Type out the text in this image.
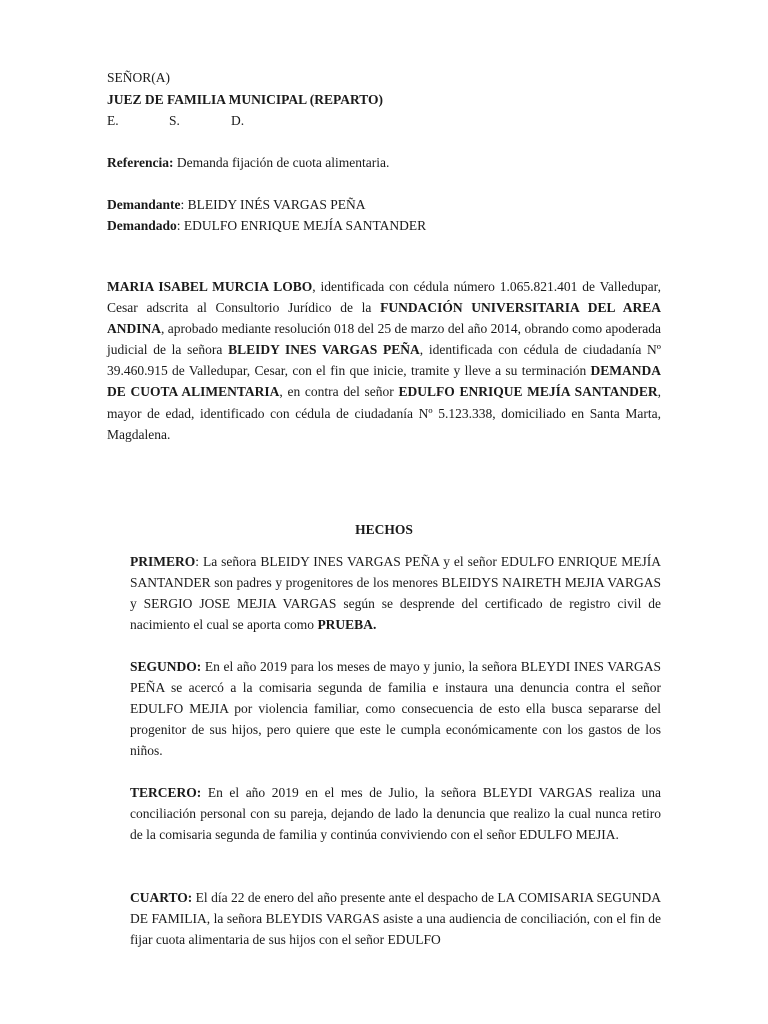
SEÑOR(A)
JUEZ DE FAMILIA MUNICIPAL (REPARTO)
E.	S.	D.
Referencia: Demanda fijación de cuota alimentaria.
Demandante: BLEIDY INÉS VARGAS PEÑA
Demandado: EDULFO ENRIQUE MEJÍA SANTANDER
MARIA ISABEL MURCIA LOBO, identificada con cédula número 1.065.821.401 de Valledupar, Cesar adscrita al Consultorio Jurídico de la FUNDACIÓN UNIVERSITARIA DEL AREA ANDINA, aprobado mediante resolución 018 del 25 de marzo del año 2014, obrando como apoderada judicial de la señora BLEIDY INES VARGAS PEÑA, identificada con cédula de ciudadanía Nº 39.460.915 de Valledupar, Cesar, con el fin que inicie, tramite y lleve a su terminación DEMANDA DE CUOTA ALIMENTARIA, en contra del señor EDULFO ENRIQUE MEJÍA SANTANDER, mayor de edad, identificado con cédula de ciudadanía Nº 5.123.338, domiciliado en Santa Marta, Magdalena.
HECHOS
PRIMERO: La señora BLEIDY INES VARGAS PEÑA y el señor EDULFO ENRIQUE MEJÍA SANTANDER son padres y progenitores de los menores BLEIDYS NAIRETH MEJIA VARGAS y SERGIO JOSE MEJIA VARGAS según se desprende del certificado de registro civil de nacimiento el cual se aporta como PRUEBA.
SEGUNDO: En el año 2019 para los meses de mayo y junio, la señora BLEYDI INES VARGAS PEÑA se acercó a la comisaria segunda de familia e instaura una denuncia contra el señor EDULFO MEJIA por violencia familiar, como consecuencia de esto ella busca separarse del progenitor de sus hijos, pero quiere que este le cumpla económicamente con los gastos de los niños.
TERCERO: En el año 2019 en el mes de Julio, la señora BLEYDI VARGAS realiza una conciliación personal con su pareja, dejando de lado la denuncia que realizo la cual nunca retiro de la comisaria segunda de familia y continúa conviviendo con el señor EDULFO MEJIA.
CUARTO: El día 22 de enero del año presente ante el despacho de LA COMISARIA SEGUNDA DE FAMILIA, la señora BLEYDIS VARGAS asiste a una audiencia de conciliación, con el fin de fijar cuota alimentaria de sus hijos con el señor EDULFO
